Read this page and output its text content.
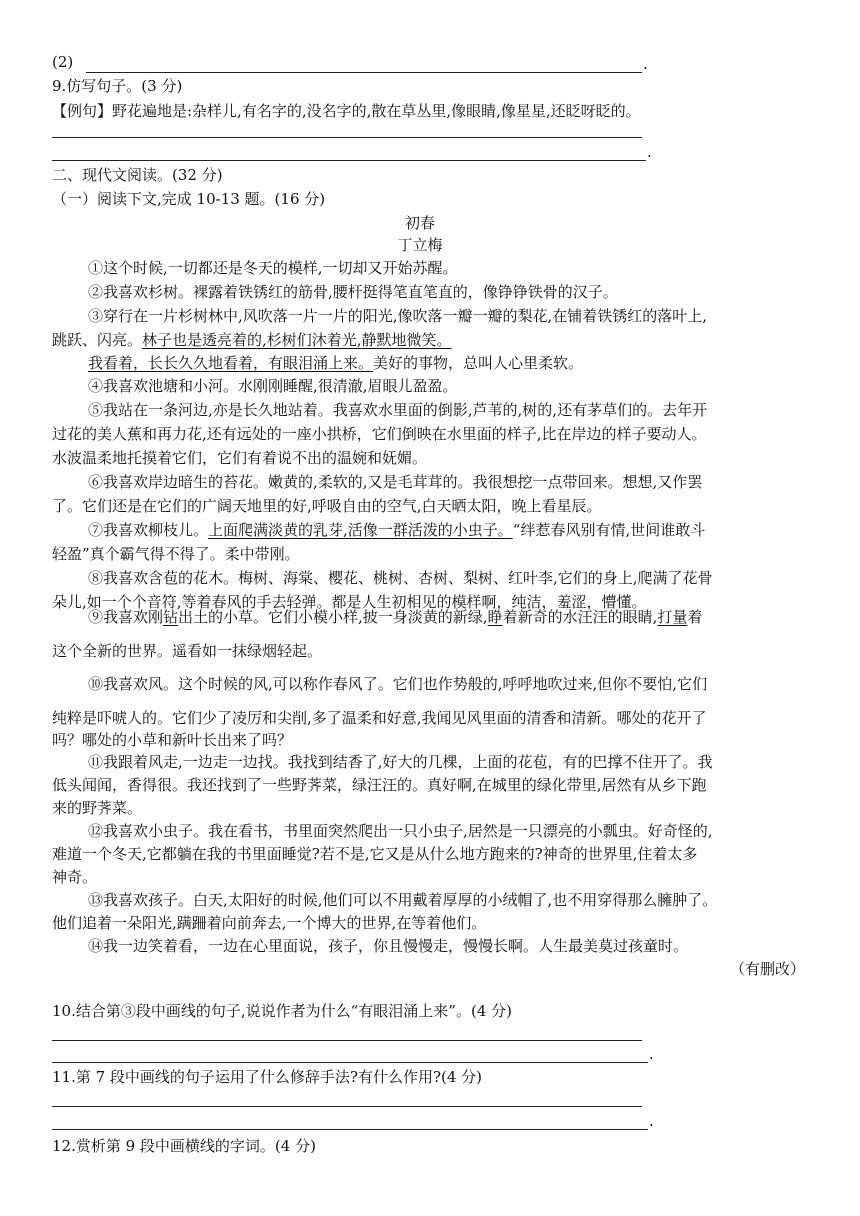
(2)	.
9.仿写句子。(3 分)
【例句】野花遍地是:杂样儿,有名字的,没名字的,散在草丛里,像眼睛,像星星,还眨呀眨的。
.
二、现代文阅读。(32 分)
（一）阅读下文,完成 10-13 题。(16 分)
初春
丁立梅
①这个时候,一切都还是冬天的模样,一切却又开始苏醒。
②我喜欢杉树。裸露着铁锈红的筋骨,腰杆挺得笔直笔直的，像铮铮铁骨的汉子。
③穿行在一片杉树林中,风吹落一片一片的阳光,像吹落一瓣一瓣的梨花,在铺着铁锈红的落叶上,
跳跃、闪亮。林子也是透亮着的,杉树们沐着光,静默地微笑。
我看着，长长久久地看着，有眼泪涌上来。美好的事物，总叫人心里柔软。
④我喜欢池塘和小河。水刚刚睡醒,很清澈,眉眼儿盈盈。
⑤我站在一条河边,亦是长久地站着。我喜欢水里面的倒影,芦苇的,树的,还有茅草们的。去年开
过花的美人蕉和再力花,还有远处的一座小拱桥，它们倒映在水里面的样子,比在岸边的样子要动人。
水波温柔地托摸着它们，它们有着说不出的温婉和妩媚。
⑥我喜欢岸边暗生的苔花。嫩黄的,柔软的,又是毛茸茸的。我很想挖一点带回来。想想,又作罢
了。它们还是在它们的广阔天地里的好,呼吸自由的空气,白天晒太阳，晚上看星辰。
⑦我喜欢柳枝儿。上面爬满淡黄的乳芽,活像一群活泼的小虫子。“绊惹春风别有情,世间谁敢斗
轻盈”真个霸气得不得了。柔中带刚。
⑧我喜欢含苞的花木。梅树、海棠、樱花、桃树、杏树、梨树、红叶李,它们的身上,爬满了花骨
朵儿,如一个个音符,等着春风的手去轻弹。都是人生初相见的模样啊，纯洁，羞涩，懵懂。
⑨我喜欢刚钻出土的小草。它们小模小样,披一身淡黄的新绿,睁着新奇的水汪汪的眼睛,打量着
这个全新的世界。遥看如一抹绿烟轻起。
⑩我喜欢风。这个时候的风,可以称作春风了。它们也作势般的,呼呼地吹过来,但你不要怕,它们
纯粹是吓唬人的。它们少了凌厉和尖削,多了温柔和好意,我闻见风里面的清香和清新。哪处的花开了
吗？哪处的小草和新叶长出来了吗？
⑪我跟着风走,一边走一边找。我找到结香了,好大的几棵，上面的花苞，有的巴撑不住开了。我
低头闻闻，香得很。我还找到了一些野荠菜，绿汪汪的。真好啊,在城里的绿化带里,居然有从乡下跑
来的野荠菜。
⑫我喜欢小虫子。我在看书，书里面突然爬出一只小虫子,居然是一只漂亮的小瓢虫。好奇怪的,
难道一个冬天,它都躺在我的书里面睡觉?若不是,它又是从什么地方跑来的?神奇的世界里,住着太多
神奇。
⑬我喜欢孩子。白天,太阳好的时候,他们可以不用戴着厚厚的小绒帽了,也不用穿得那么臃肿了。
他们追着一朵阳光,蹒跚着向前奔去,一个博大的世界,在等着他们。
⑭我一边笑着看，一边在心里面说，孩子，你且慢慢走，慢慢长啊。人生最美莫过孩童时。
（有删改）
10.结合第③段中画线的句子,说说作者为什么“有眼泪涌上来”。(4 分)
.
11.第 7 段中画线的句子运用了什么修辞手法?有什么作用?(4 分)
.
12.赏析第 9 段中画横线的字词。(4 分)
